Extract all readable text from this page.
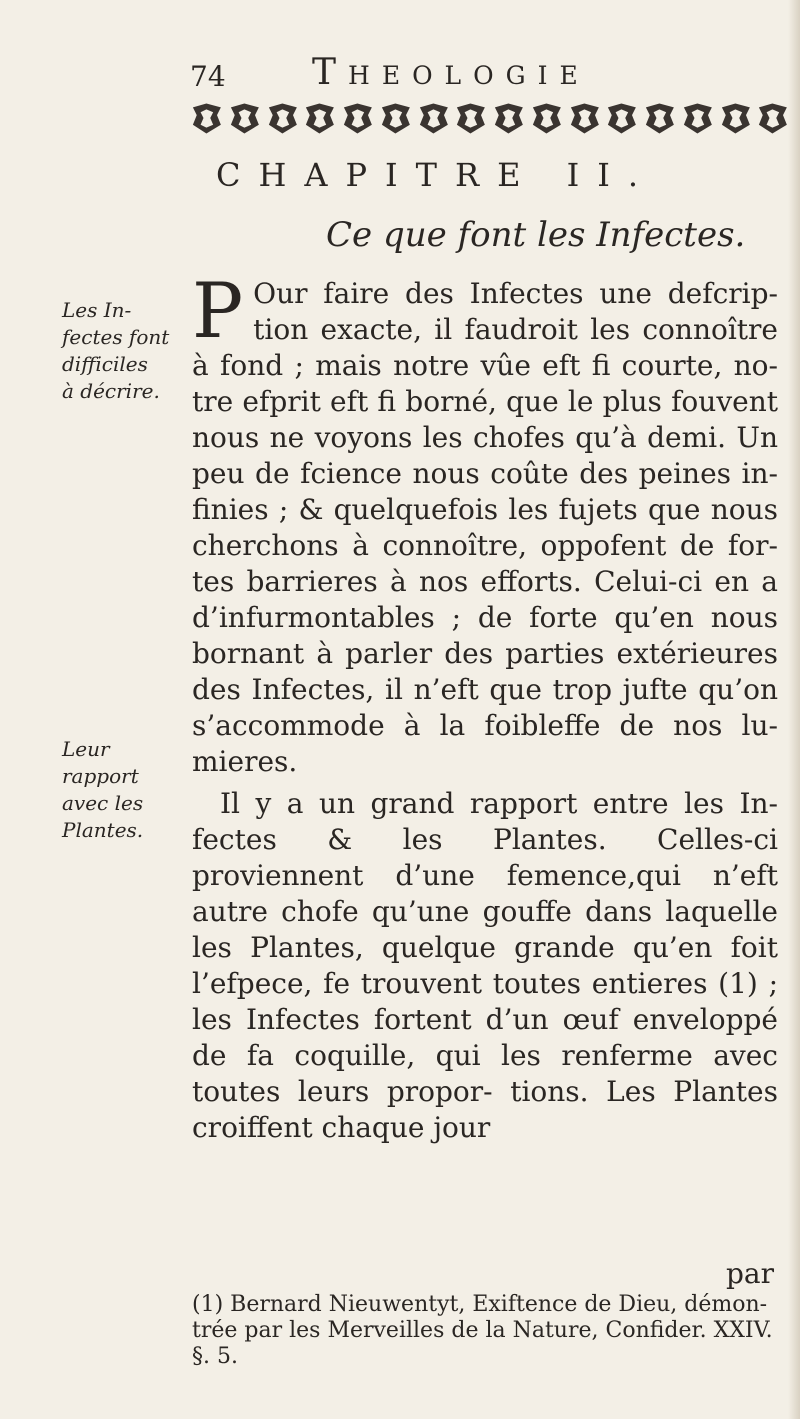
74 Theologie
CHAPITRE II.
Ce que font les Infectes.
Les In-
fectes font
difficiles
à décrire.
Leur
rapport
avec les
Plantes.

P Our faire des Infectes une defcrip- tion exacte, il faudroit les connoître à fond ; mais notre vûe eft fi courte, no- tre efprit eft fi borné, que le plus fouvent nous ne voyons les chofes qu’à demi. Un peu de fcience nous coûte des peines in- finies ; & quelquefois les fujets que nous cherchons à connoître, oppofent de for- tes barrieres à nos efforts. Celui-ci en a d’infurmontables ; de forte qu’en nous bornant à parler des parties extérieures des Infectes, il n’eft que trop jufte qu’on s’accommode à la foibleffe de nos lu- mieres.

Il y a un grand rapport entre les In- fectes & les Plantes. Celles-ci proviennent d’une femence,qui n’eft autre chofe qu’une gouffe dans laquelle les Plantes, quelque grande qu’en foit l’efpece, fe trouvent toutes entieres (1) ; les Infectes fortent d’un œuf enveloppé de fa coquille, qui les renferme avec toutes leurs propor- tions. Les Plantes croiffent chaque jour

par
(1) Bernard Nieuwentyt, Exiftence de Dieu, démon- trée par les Merveilles de la Nature, Confider. XXIV. §. 5.
